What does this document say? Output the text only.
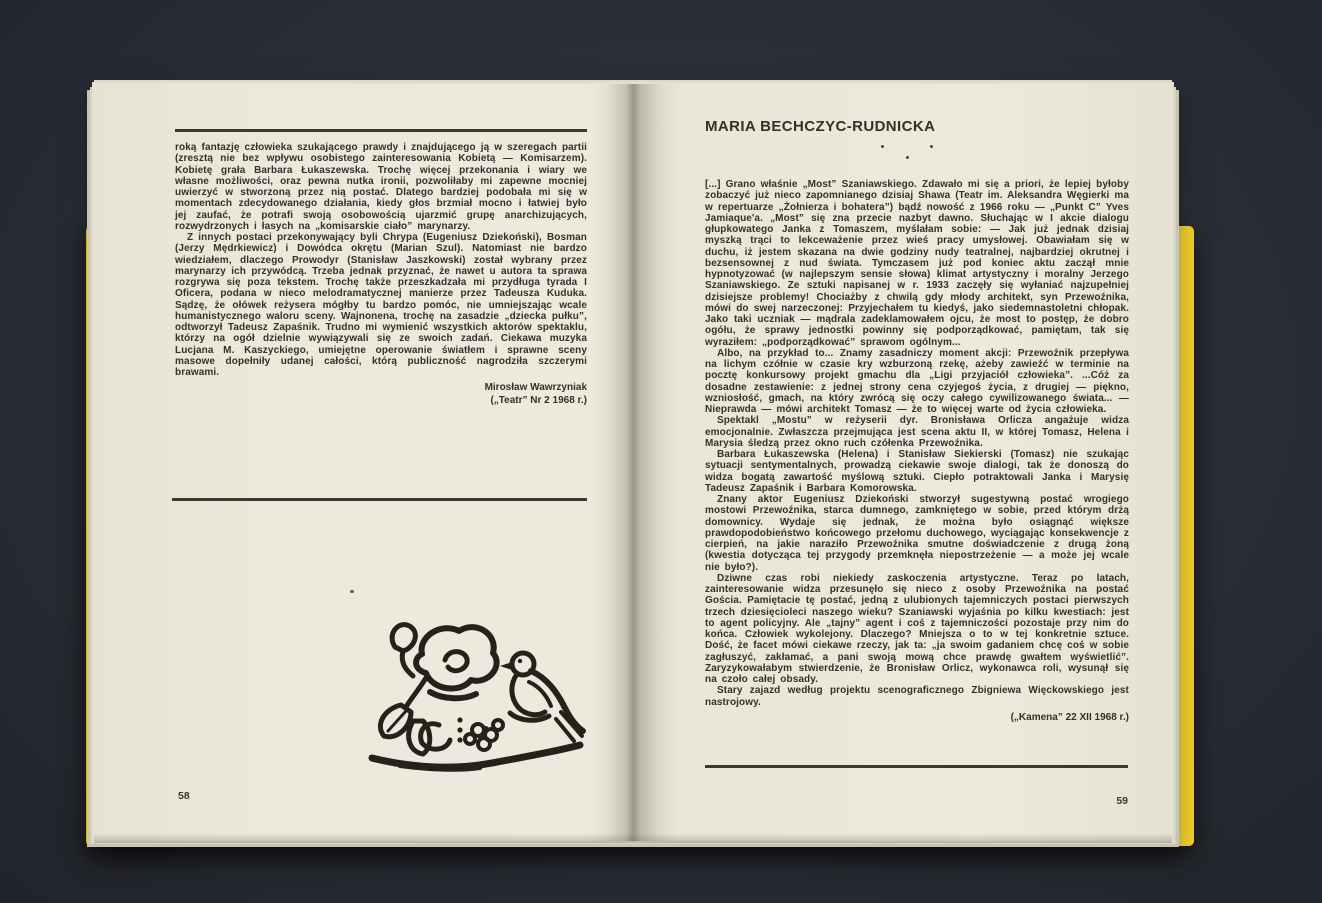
roką fantazję człowieka szukającego prawdy i znajdującego ją w szeregach partii (zresztą nie bez wpływu osobistego zainteresowania Kobietą — Komisarzem). Kobietę grała Barbara Łukaszewska. Trochę więcej przekonania i wiary we własne możliwości, oraz pewna nutka ironii, pozwoliłaby mi zapewne mocniej uwierzyć w stworzoną przez nią postać. Dlatego bardziej podobała mi się w momentach zdecydowanego działania, kiedy głos brzmiał mocno i łatwiej było jej zaufać, że potrafi swoją osobowością ujarzmić grupę anarchizujących, rozwydrzonych i łasych na „komisarskie ciało” marynarzy.

Z innych postaci przekonywający byli Chrypa (Eugeniusz Dziekoński), Bosman (Jerzy Mędrkiewicz) i Dowódca okrętu (Marian Szul). Natomiast nie bardzo wiedziałem, dlaczego Prowodyr (Stanisław Jaszkowski) został wybrany przez marynarzy ich przywódcą. Trzeba jednak przyznać, że nawet u autora ta sprawa rozgrywa się poza tekstem. Trochę także przeszkadzała mi przydługa tyrada I Oficera, podana w nieco melodramatycznej manierze przez Tadeusza Kuduka. Sądzę, że ołówek reżysera mógłby tu bardzo pomóc, nie umniejszając wcale humanistycznego waloru sceny. Wajnonena, trochę na zasadzie „dziecka pułku”, odtworzył Tadeusz Zapaśnik. Trudno mi wymienić wszystkich aktorów spektaklu, którzy na ogół dzielnie wywiązywali się ze swoich zadań. Ciekawa muzyka Lucjana M. Kaszyckiego, umiejętne operowanie światłem i sprawne sceny masowe dopełniły udanej całości, którą publiczność nagrodziła szczerymi brawami.

Mirosław Wawrzyniak
(„Teatr” Nr 2 1968 r.)
58
MARIA BECHCZYC-RUDNICKA

[...] Grano właśnie „Most” Szaniawskiego. Zdawało mi się a priori, że lepiej byłoby zobaczyć już nieco zapomnianego dzisiaj Shawa (Teatr im. Aleksandra Węgierki ma w repertuarze „Żołnierza i bohatera”) bądź nowość z 1966 roku — „Punkt C” Yves Jamiaque'a. „Most” się zna przecie nazbyt dawno. Słuchając w I akcie dialogu głupkowatego Janka z Tomaszem, myślałam sobie: — Jak już jednak dzisiaj myszką trąci to lekceważenie przez wieś pracy umysłowej. Obawiałam się w duchu, iż jestem skazana na dwie godziny nudy teatralnej, najbardziej okrutnej i bezsensownej z nud świata. Tymczasem już pod koniec aktu zaczął mnie hypnotyzować (w najlepszym sensie słowa) klimat artystyczny i moralny Jerzego Szaniawskiego. Ze sztuki napisanej w r. 1933 zaczęły się wyłaniać najzupełniej dzisiejsze problemy! Chociażby z chwilą gdy młody architekt, syn Przewoźnika, mówi do swej narzeczonej: Przyjechałem tu kiedyś, jako siedemnastoletni chłopak. Jako taki uczniak — mądrala zadeklamowałem ojcu, że most to postęp, że dobro ogółu, że sprawy jednostki powinny się podporządkować, pamiętam, tak się wyraziłem: „podporządkować” sprawom ogólnym...

Albo, na przykład to... Znamy zasadniczy moment akcji: Przewoźnik przepływa na lichym czółnie w czasie kry wzburzoną rzekę, ażeby zawieźć w terminie na pocztę konkursowy projekt gmachu dla „Ligi przyjaciół człowieka”. ...Cóż za dosadne zestawienie: z jednej strony cena czyjegoś życia, z drugiej — piękno, wzniosłość, gmach, na który zwrócą się oczy całego cywilizowanego świata... — Nieprawda — mówi architekt Tomasz — że to więcej warte od życia człowieka.

Spektakl „Mostu” w reżyserii dyr. Bronisława Orlicza angażuje widza emocjonalnie. Zwłaszcza przejmująca jest scena aktu II, w której Tomasz, Helena i Marysia śledzą przez okno ruch czółenka Przewoźnika.

Barbara Łukaszewska (Helena) i Stanisław Siekierski (Tomasz) nie szukając sytuacji sentymentalnych, prowadzą ciekawie swoje dialogi, tak że donoszą do widza bogatą zawartość myślową sztuki. Ciepło potraktowali Janka i Marysię Tadeusz Zapaśnik i Barbara Komorowska.

Znany aktor Eugeniusz Dziekoński stworzył sugestywną postać wrogiego mostowi Przewoźnika, starca dumnego, zamkniętego w sobie, przed którym drżą domownicy. Wydaje się jednak, że można było osiągnąć większe prawdopodobieństwo końcowego przełomu duchowego, wyciągając konsekwencje z cierpień, na jakie naraziło Przewoźnika smutne doświadczenie z drugą żoną (kwestia dotycząca tej przygody przemknęła niepostrzeżenie — a może jej wcale nie było?).

Dziwne czas robi niekiedy zaskoczenia artystyczne. Teraz po latach, zainteresowanie widza przesunęło się nieco z osoby Przewoźnika na postać Gościa. Pamiętacie tę postać, jedną z ulubionych tajemniczych postaci pierwszych trzech dziesięcioleci naszego wieku? Szaniawski wyjaśnia po kilku kwestiach: jest to agent policyjny. Ale „tajny” agent i coś z tajemniczości pozostaje przy nim do końca. Człowiek wykolejony. Dlaczego? Mniejsza o to w tej konkretnie sztuce. Dość, że facet mówi ciekawe rzeczy, jak ta: „ja swoim gadaniem chcę coś w sobie zagłuszyć, zakłamać, a pani swoją mową chce prawdę gwałtem wyświetlić”. Zaryzykowałabym stwierdzenie, że Bronisław Orlicz, wykonawca roli, wysunął się na czoło całej obsady.

Stary zajazd według projektu scenograficznego Zbigniewa Więckowskiego jest nastrojowy.

(„Kamena” 22 XII 1968 r.)
59
